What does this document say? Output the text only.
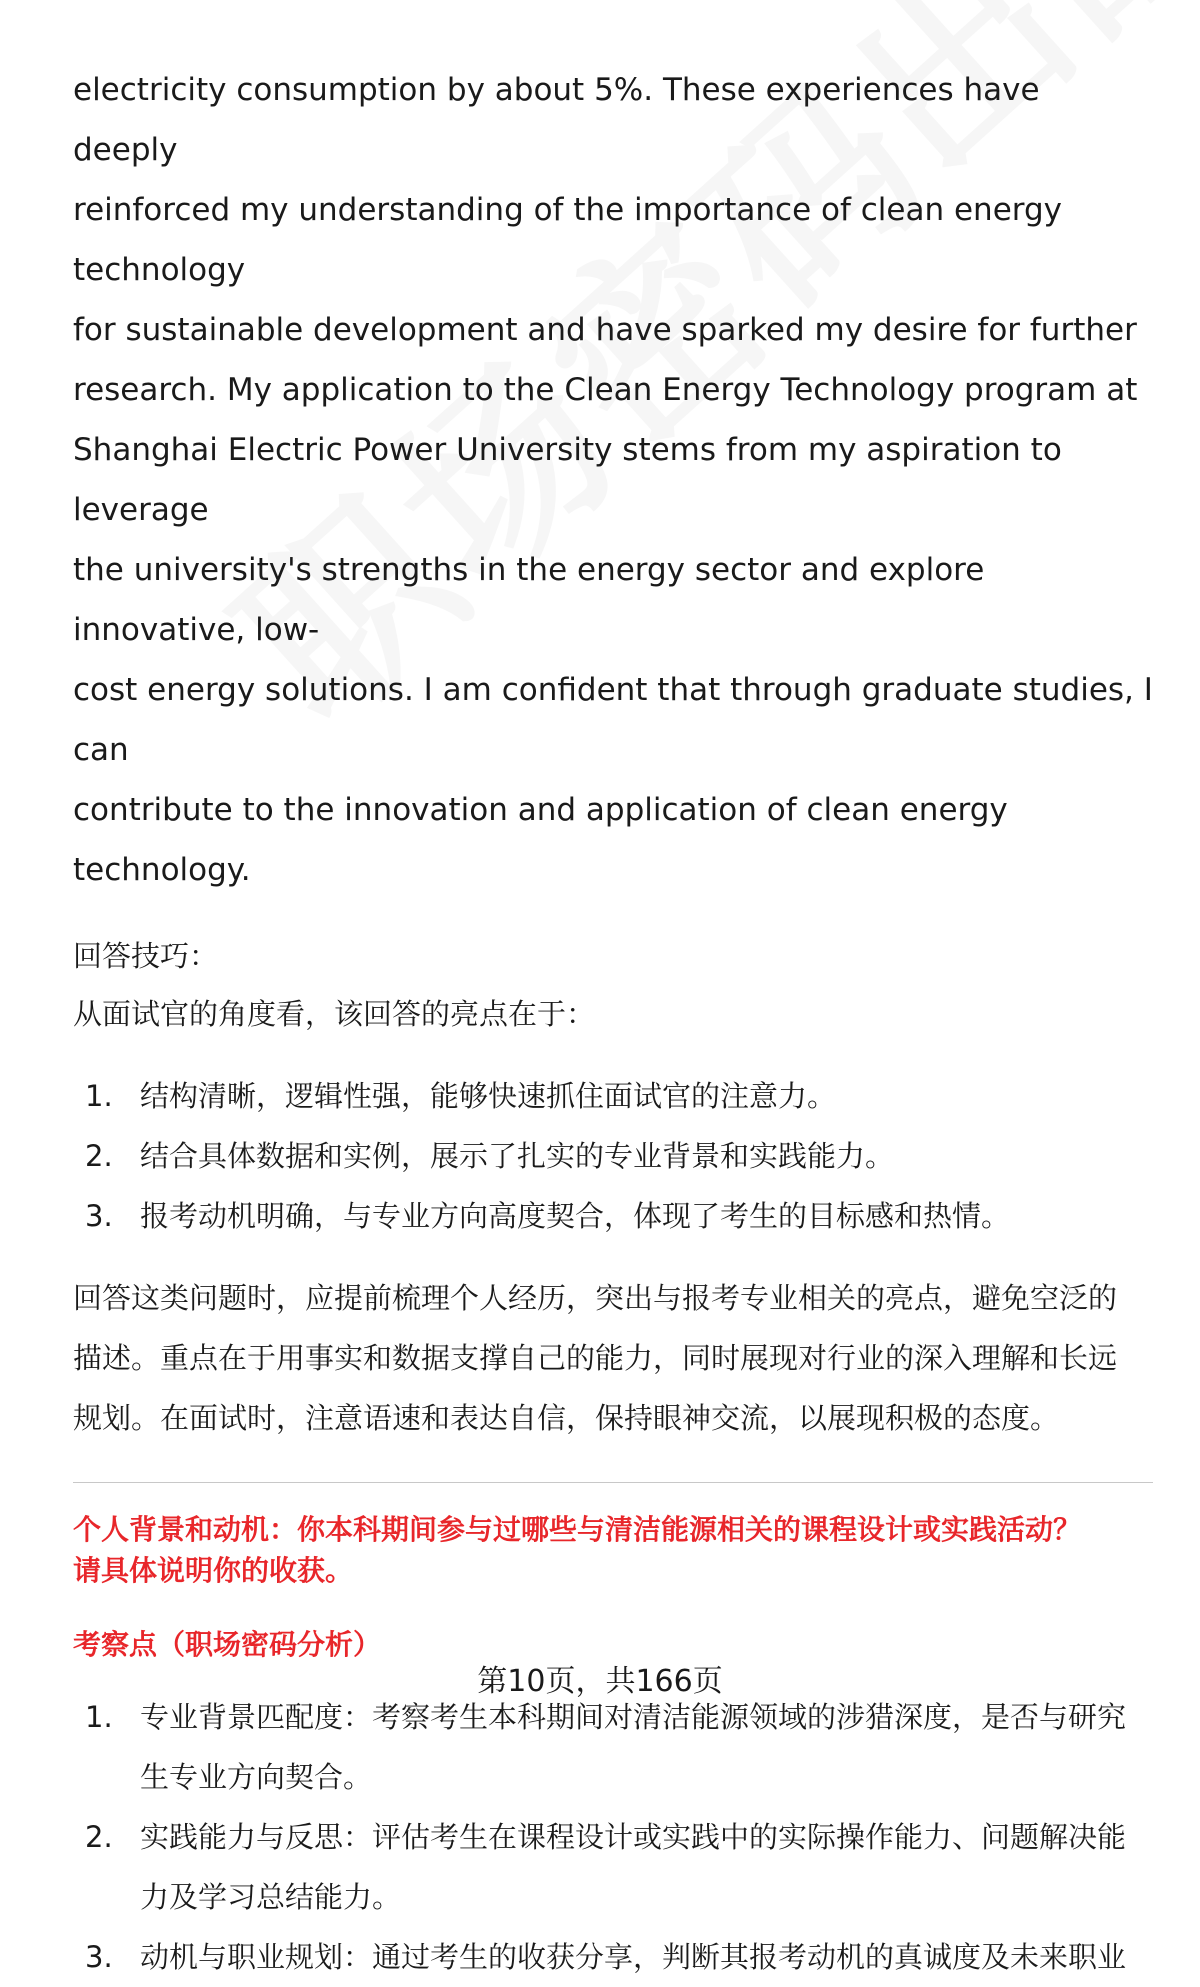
electricity consumption by about 5%. These experiences have deeply

reinforced my understanding of the importance of clean energy technology

for sustainable development and have sparked my desire for further

research. My application to the Clean Energy Technology program at

Shanghai Electric Power University stems from my aspiration to leverage

the university's strengths in the energy sector and explore innovative, low-

cost energy solutions. I am confident that through graduate studies, I can

contribute to the innovation and application of clean energy technology.

回答技巧：

从面试官的角度看，该回答的亮点在于：

1. 结构清晰，逻辑性强，能够快速抓住面试官的注意力。
2. 结合具体数据和实例，展示了扎实的专业背景和实践能力。
3. 报考动机明确，与专业方向高度契合，体现了考生的目标感和热情。
回答这类问题时，应提前梳理个人经历，突出与报考专业相关的亮点，避免空泛的
描述。重点在于用事实和数据支撑自己的能力，同时展现对行业的深入理解和长远
规划。在面试时，注意语速和表达自信，保持眼神交流，以展现积极的态度。
个人背景和动机：你本科期间参与过哪些与清洁能源相关的课程设计或实践活动？
请具体说明你的收获。

考察点（职场密码分析）

1. 专业背景匹配度：考察考生本科期间对清洁能源领域的涉猎深度，是否与研究
生专业方向契合。
2. 实践能力与反思：评估考生在课程设计或实践中的实际操作能力、问题解决能
力及学习总结能力。
3. 动机与职业规划：通过考生的收获分享，判断其报考动机的真诚度及未来职业
第10页，共166页
